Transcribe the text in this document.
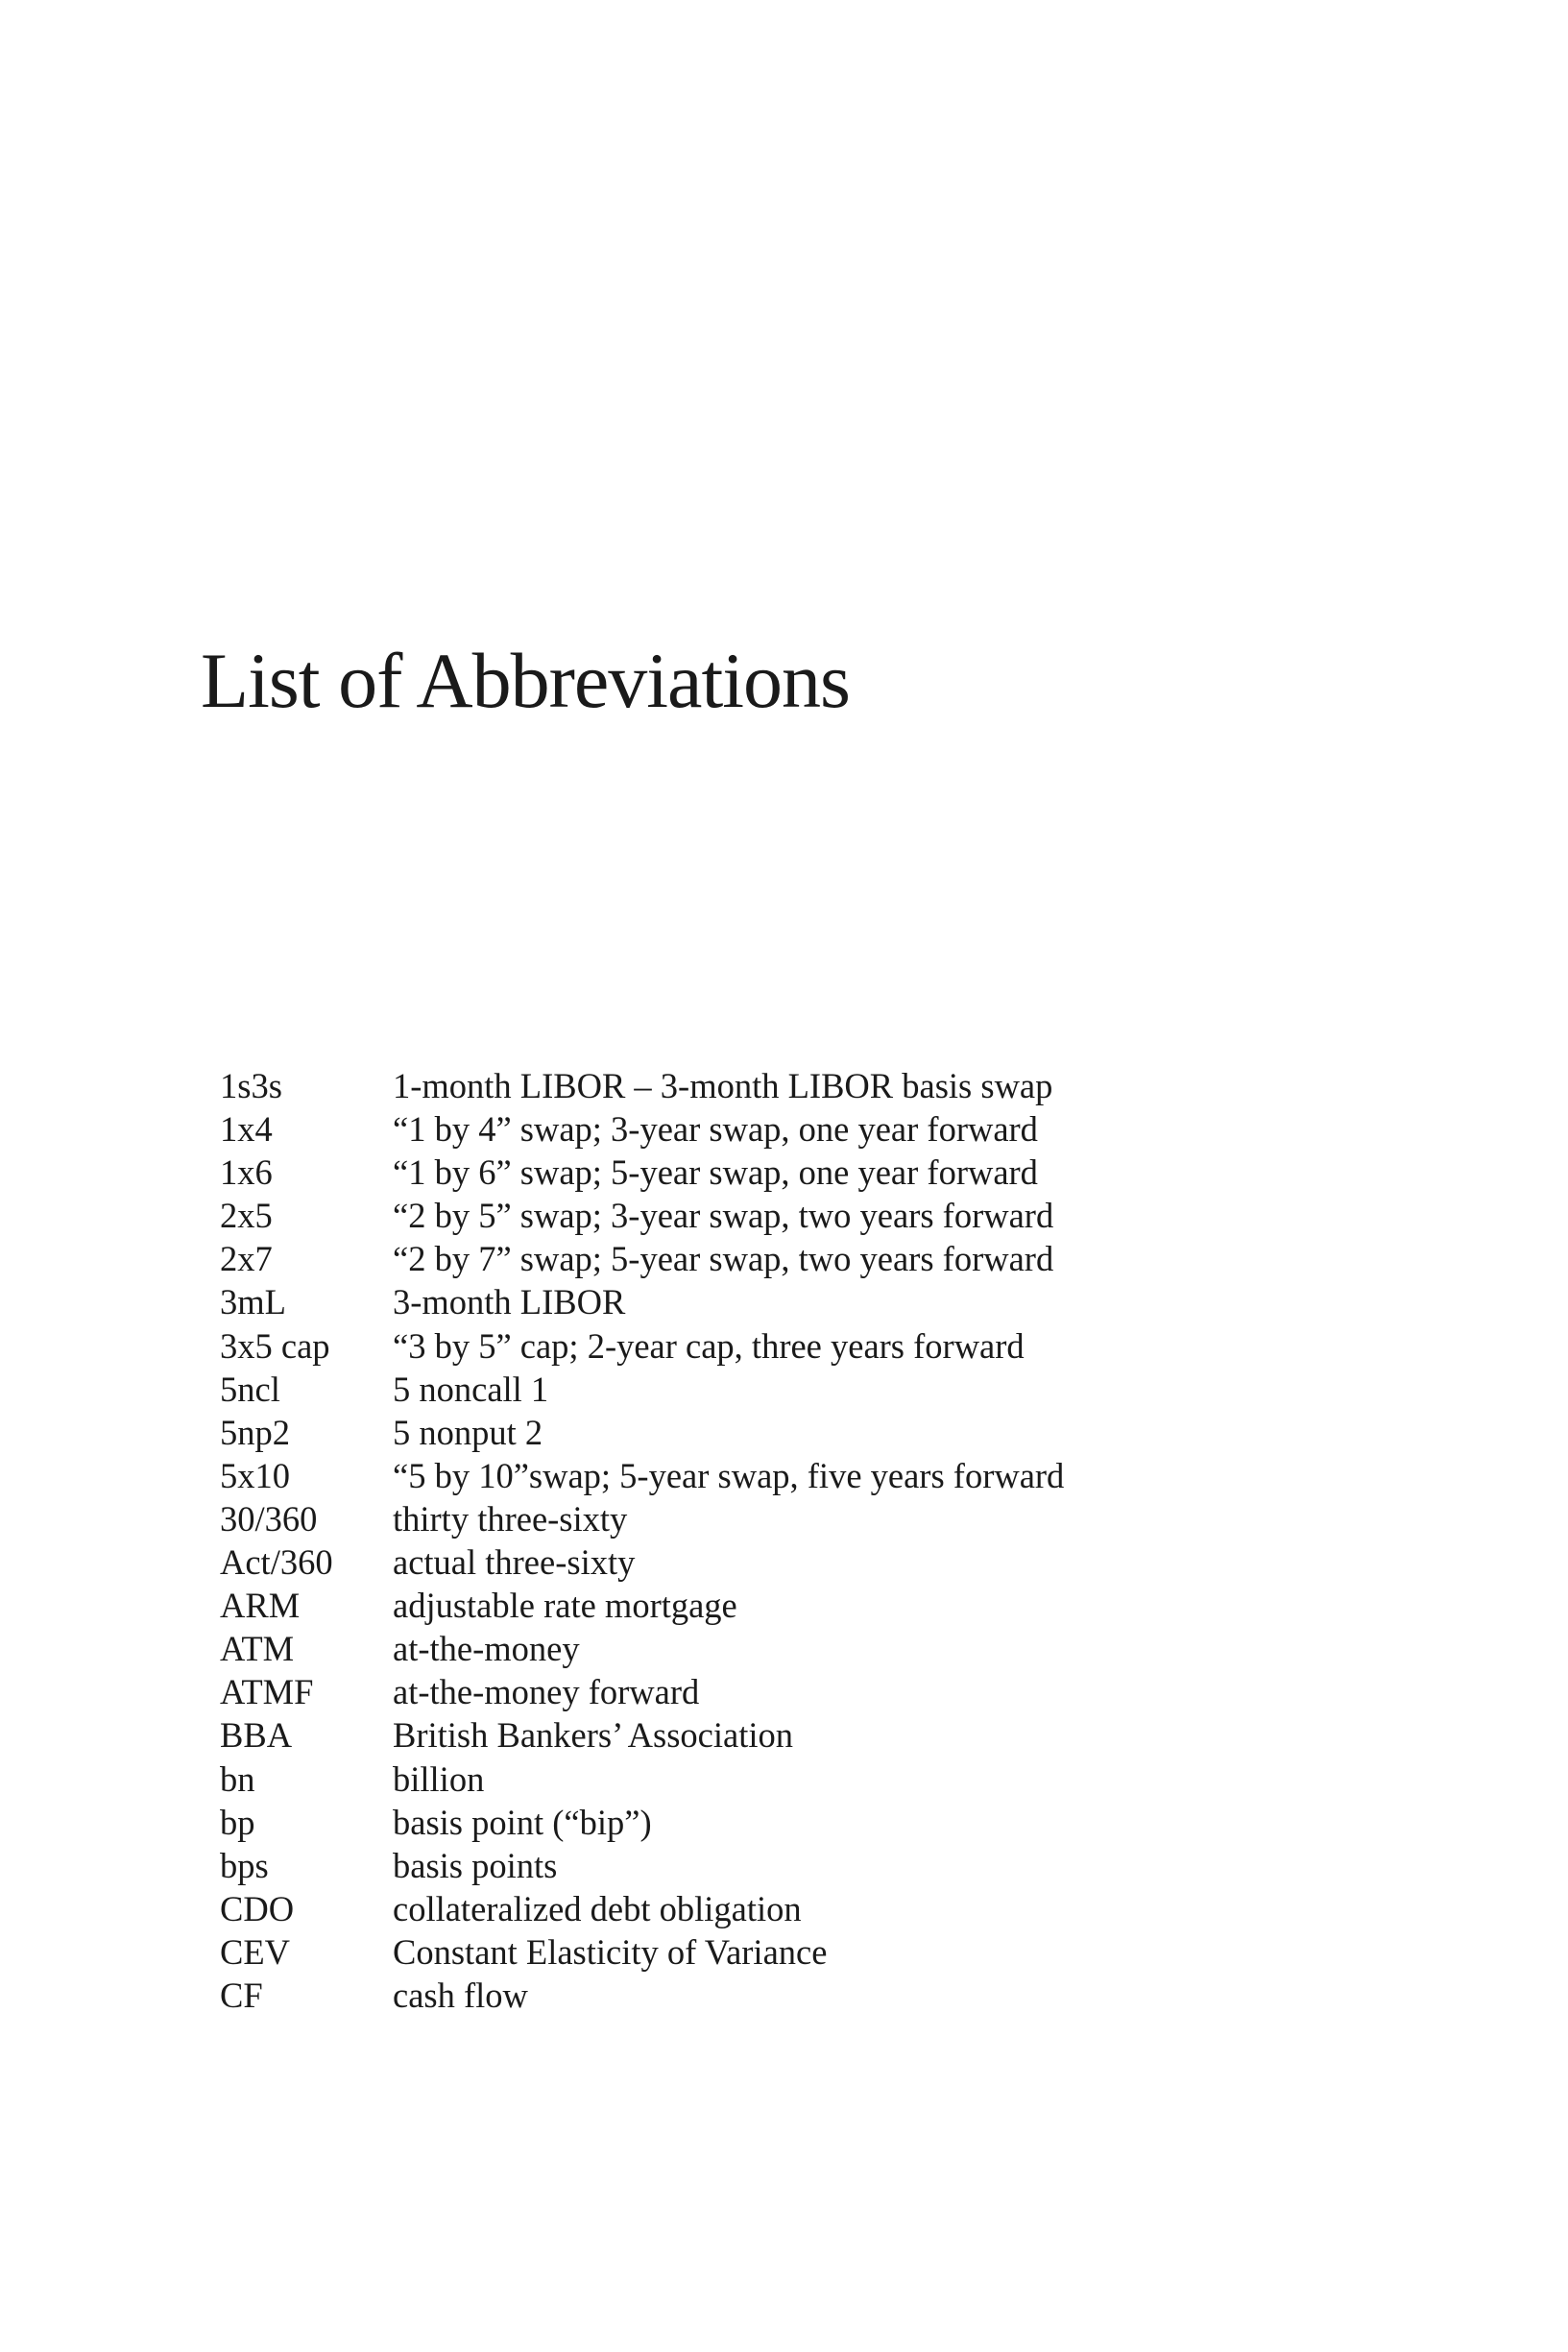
List of Abbreviations
1s3s	1-month LIBOR – 3-month LIBOR basis swap
1x4	“1 by 4” swap; 3-year swap, one year forward
1x6	“1 by 6” swap; 5-year swap, one year forward
2x5	“2 by 5” swap; 3-year swap, two years forward
2x7	“2 by 7” swap; 5-year swap, two years forward
3mL	3-month LIBOR
3x5 cap	“3 by 5” cap; 2-year cap, three years forward
5ncl	5 noncall 1
5np2	5 nonput 2
5x10	“5 by 10”swap; 5-year swap, five years forward
30/360	thirty three-sixty
Act/360	actual three-sixty
ARM	adjustable rate mortgage
ATM	at-the-money
ATMF	at-the-money forward
BBA	British Bankers’ Association
bn	billion
bp	basis point (“bip”)
bps	basis points
CDO	collateralized debt obligation
CEV	Constant Elasticity of Variance
CF	cash flow
